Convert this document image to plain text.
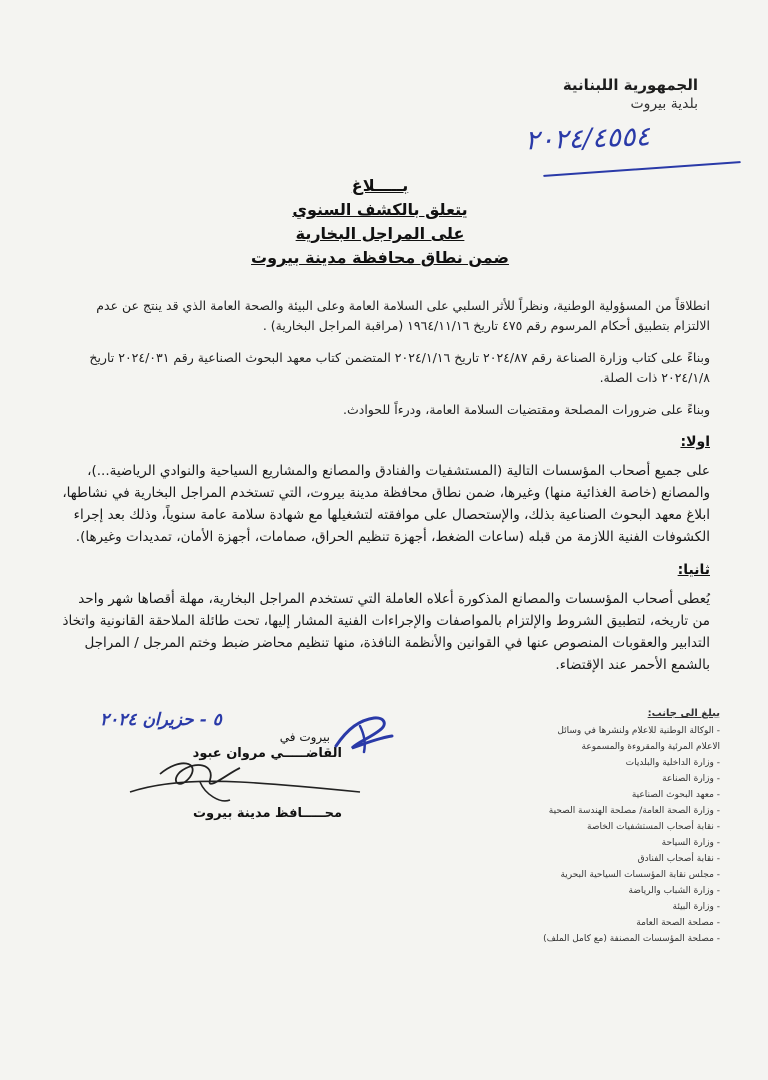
الجمهورية اللبنانية

بلدية بيروت

٢٠٢٤/٤٥٥٤
بـــــلاغ
يتعلق بالكشف السنوي
على المراجل البخارية
ضمن نطاق محافظة مدينة بيروت

انطلاقاً من المسؤولية الوطنية، ونظراً للأثر السلبي على السلامة العامة وعلى البيئة والصحة العامة الذي قد ينتج عن عدم الالتزام بتطبيق أحكام المرسوم رقم ٤٧٥ تاريخ ١٩٦٤/١١/١٦ (مراقبة المراجل البخارية) .

وبناءً على كتاب وزارة الصناعة رقم ٢٠٢٤/٨٧ تاريخ ٢٠٢٤/١/١٦ المتضمن كتاب معهد البحوث الصناعية رقم ٢٠٢٤/٠٣١ تاريخ ٢٠٢٤/١/٨ ذات الصلة.

وبناءً على ضرورات المصلحة ومقتضيات السلامة العامة، ودرءاً للحوادث.

اولا:

على جميع أصحاب المؤسسات التالية (المستشفيات والفنادق والمصانع والمشاريع السياحية والنوادي الرياضية...)، والمصانع (خاصة الغذائية منها) وغيرها، ضمن نطاق محافظة مدينة بيروت، التي تستخدم المراجل البخارية في نشاطها، ابلاغ معهد البحوث الصناعية بذلك، والإستحصال على موافقته لتشغيلها مع شهادة سلامة عامة سنوياً، وذلك بعد إجراء الكشوفات الفنية اللازمة من قبله (ساعات الضغط، أجهزة تنظيم الحراق، صمامات، أجهزة الأمان، تمديدات وغيرها).

ثانيا:

يُعطى أصحاب المؤسسات والمصانع المذكورة أعلاه العاملة التي تستخدم المراجل البخارية، مهلة أقصاها شهر واحد من تاريخه، لتطبيق الشروط والإلتزام بالمواصفات والإجراءات الفنية المشار إليها، تحت طائلة الملاحقة القانونية واتخاذ التدابير والعقوبات المنصوص عنها في القوانين والأنظمة النافذة، منها تنظيم محاضر ضبط وختم المرجل / المراجل بالشمع الأحمر عند الإقتضاء.

٥ - حزيران ٢٠٢٤
بيروت في
القاضـــــي مروان عبود
محـــــافظ مدينة بيروت
يبلغ الى جانب:
- الوكالة الوطنية للاعلام ولنشرها في وسائل
الاعلام المرئية والمقروءة والمسموعة
- وزارة الداخلية والبلديات
- وزارة الصناعة
- معهد البحوث الصناعية
- وزارة الصحة العامة/ مصلحة الهندسة الصحية
- نقابة أصحاب المستشفيات الخاصة
- وزارة السياحة
- نقابة أصحاب الفنادق
- مجلس نقابة المؤسسات السياحية البحرية
- وزارة الشباب والرياضة
- وزارة البيئة
- مصلحة الصحة العامة
- مصلحة المؤسسات المصنفة (مع كامل الملف)
